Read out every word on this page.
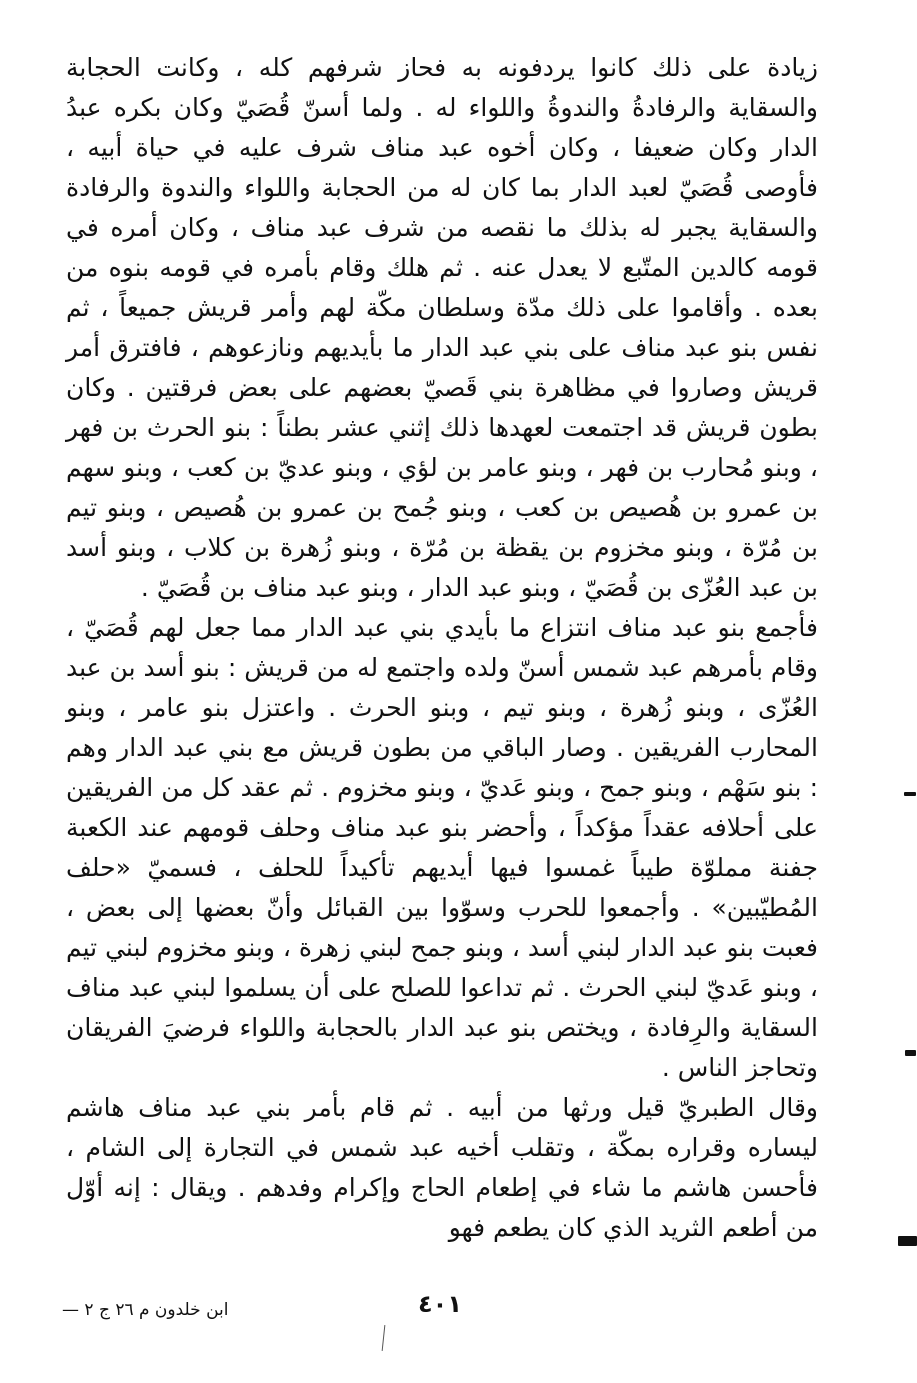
زيادة على ذلك كانوا يردفونه به فحاز شرفهم كله ، وكانت الحجابة والسقاية والرفادةُ والندوةُ واللواء له . ولما أسنّ قُصَيّ وكان بكره عبدُ الدار وكان ضعيفا ، وكان أخوه عبد مناف شرف عليه في حياة أبيه ، فأوصى قُصَيّ لعبد الدار بما كان له من الحجابة واللواء والندوة والرفادة والسقاية يجبر له بذلك ما نقصه من شرف عبد مناف ، وكان أمره في قومه كالدين المتّبع لا يعدل عنه . ثم هلك وقام بأمره في قومه بنوه من بعده . وأقاموا على ذلك مدّة وسلطان مكّة لهم وأمر قريش جميعاً ، ثم نفس بنو عبد مناف على بني عبد الدار ما بأيديهم ونازعوهم ، فافترق أمر قريش وصاروا في مظاهرة بني قَصيّ بعضهم على بعض فرقتين . وكان بطون قريش قد اجتمعت لعهدها ذلك إثني عشر بطناً : بنو الحرث بن فهر ، وبنو مُحارب بن فهر ، وبنو عامر بن لؤي ، وبنو عديّ بن كعب ، وبنو سهم بن عمرو بن هُصيص بن كعب ، وبنو جُمح بن عمرو بن هُصيص ، وبنو تيم بن مُرّة ، وبنو مخزوم بن يقظة بن مُرّة ، وبنو زُهرة بن كلاب ، وبنو أسد بن عبد العُزّى بن قُصَيّ ، وبنو عبد الدار ، وبنو عبد مناف بن قُصَيّ .

فأجمع بنو عبد مناف انتزاع ما بأيدي بني عبد الدار مما جعل لهم قُصَيّ ، وقام بأمرهم عبد شمس أسنّ ولده واجتمع له من قريش : بنو أسد بن عبد العُزّى ، وبنو زُهرة ، وبنو تيم ، وبنو الحرث . واعتزل بنو عامر ، وبنو المحارب الفريقين . وصار الباقي من بطون قريش مع بني عبد الدار وهم : بنو سَهْم ، وبنو جمح ، وبنو عَديّ ، وبنو مخزوم . ثم عقد كل من الفريقين على أحلافه عقداً مؤكداً ، وأحضر بنو عبد مناف وحلف قومهم عند الكعبة جفنة مملوّة طيباً غمسوا فيها أيديهم تأكيداً للحلف ، فسميّ «حلف المُطيّبين» . وأجمعوا للحرب وسوّوا بين القبائل وأنّ بعضها إلى بعض ، فعبت بنو عبد الدار لبني أسد ، وبنو جمح لبني زهرة ، وبنو مخزوم لبني تيم ، وبنو عَديّ لبني الحرث . ثم تداعوا للصلح على أن يسلموا لبني عبد مناف السقاية والرِفادة ، ويختص بنو عبد الدار بالحجابة واللواء فرضيَ الفريقان وتحاجز الناس .

وقال الطبريّ قيل ورثها من أبيه . ثم قام بأمر بني عبد مناف هاشم ليساره وقراره بمكّة ، وتقلب أخيه عبد شمس في التجارة إلى الشام ، فأحسن هاشم ما شاء في إطعام الحاج وإكرام وفدهم . ويقال : إنه أوّل من أطعم الثريد الذي كان يطعم فهو

ابن خلدون م ٢٦ ج ٢ —	٤٠١
